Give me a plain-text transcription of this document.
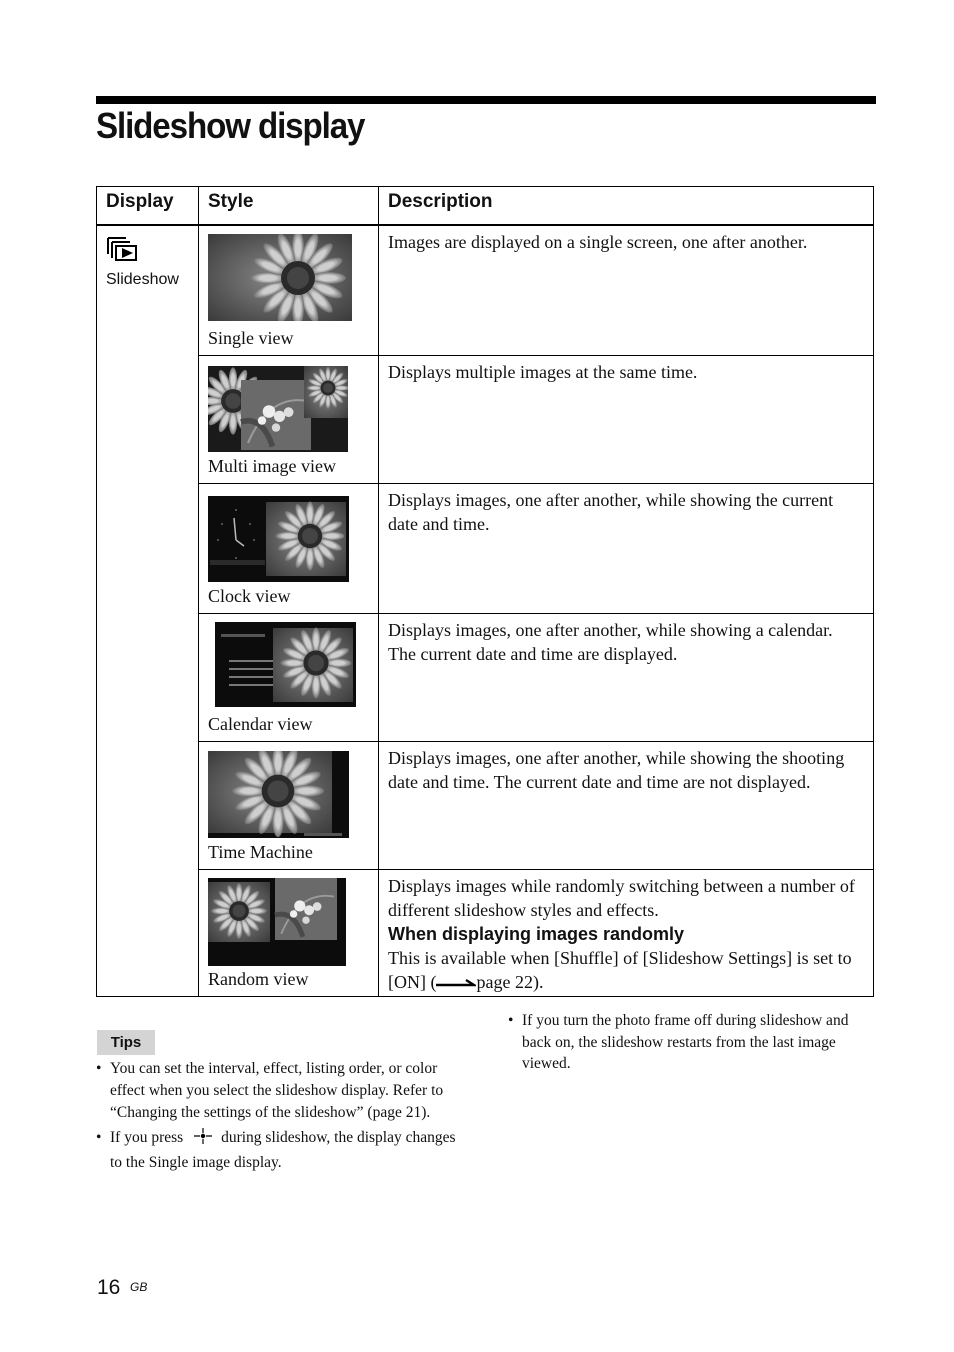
Slideshow display
Display	Style	Description

Slideshow	Single view	Images are displayed on a single screen, one after another.

	Multi image view	Displays multiple images at the same time.

	Clock view	Displays images, one after another, while showing the current date and time.

	Calendar view	Displays images, one after another, while showing a calendar. The current date and time are displayed.

	Time Machine	Displays images, one after another, while showing the shooting date and time. The current date and time are not displayed.

	Random view	Displays images while randomly switching between a number of different slideshow styles and effects.

When displaying images randomly

This is available when [Shuffle] of [Slideshow Settings] is set to [ON] ( page 22).

Tips
• You can set the interval, effect, listing order, or color effect when you select the slideshow display. Refer to “Changing the settings of the slideshow” (page 21).
• If you press during slideshow, the display changes to the Single image display.
• If you turn the photo frame off during slideshow and back on, the slideshow restarts from the last image viewed.
16 GB
